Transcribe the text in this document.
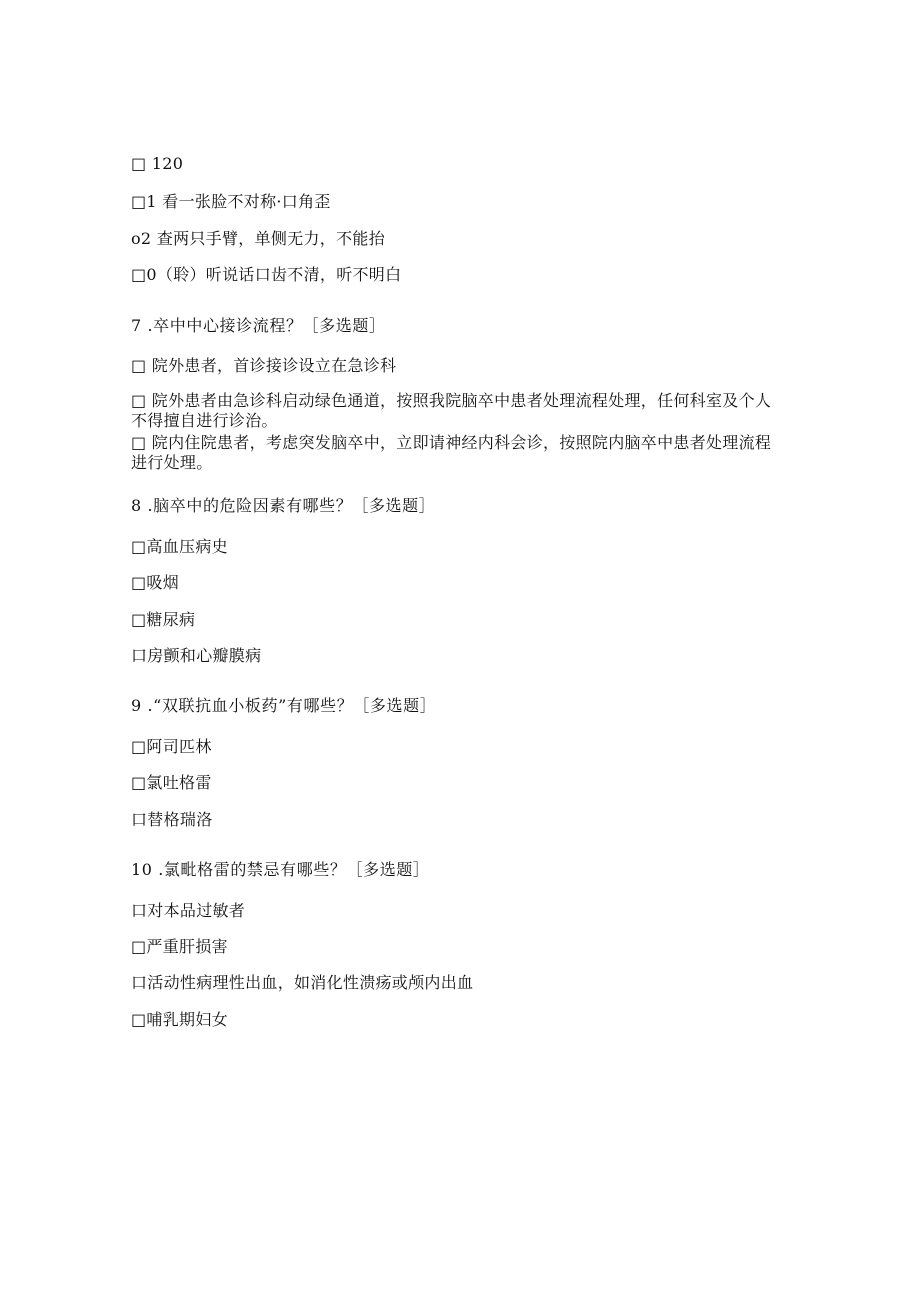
□ 120
□1 看一张脸不对称·口角歪
o2 查两只手臂，单侧无力，不能抬
□0（聆）听说话口齿不清，听不明白
7 .卒中中心接诊流程？［多选题］
□ 院外患者，首诊接诊设立在急诊科
□ 院外患者由急诊科启动绿色通道，按照我院脑卒中患者处理流程处理，任何科室及个人不得擅自进行诊治。
□ 院内住院患者，考虑突发脑卒中，立即请神经内科会诊，按照院内脑卒中患者处理流程进行处理。
8 .脑卒中的危险因素有哪些？［多选题］
□高血压病史
□吸烟
□糖尿病
口房颤和心瓣膜病
9 .“双联抗血小板药”有哪些？［多选题］
□阿司匹林
□氯吐格雷
口替格瑞洛
10 .氯毗格雷的禁忌有哪些？［多选题］
口对本品过敏者
□严重肝损害
口活动性病理性出血，如消化性溃疡或颅内出血
□哺乳期妇女
